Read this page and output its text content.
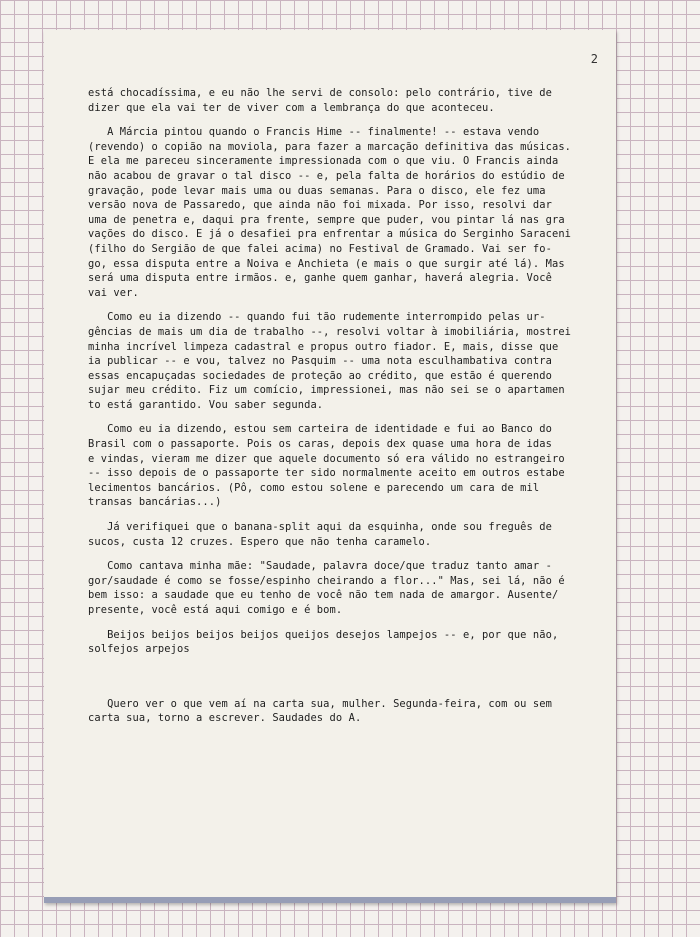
2
está chocadíssima, e eu não lhe servi de consolo: pelo contrário, tive de
dizer que ela vai ter de viver com a lembrança do que aconteceu.
A Márcia pintou quando o Francis Hime -- finalmente! -- estava vendo
(revendo) o copião na moviola, para fazer a marcação definitiva das músicas.
E ela me pareceu sinceramente impressionada com o que viu. O Francis ainda
não acabou de gravar o tal disco -- e, pela falta de horários do estúdio de
gravação, pode levar mais uma ou duas semanas. Para o disco, ele fez uma
versão nova de Passaredo, que ainda não foi mixada. Por isso, resolvi dar
uma de penetra e, daqui pra frente, sempre que puder, vou pintar lá nas gra
vações do disco. E já o desafiei pra enfrentar a música do Serginho Saraceni
(filho do Sergião de que falei acima) no Festival de Gramado. Vai ser fo-
go, essa disputa entre a Noiva e Anchieta (e mais o que surgir até lá). Mas
será uma disputa entre irmãos. e, ganhe quem ganhar, haverá alegria. Você
vai ver.
Como eu ia dizendo -- quando fui tão rudemente interrompido pelas ur-
gências de mais um dia de trabalho --, resolvi voltar à imobiliária, mostrei
minha incrível limpeza cadastral e propus outro fiador. E, mais, disse que
ia publicar -- e vou, talvez no Pasquim -- uma nota esculhambativa contra
essas encapuçadas sociedades de proteção ao crédito, que estão é querendo
sujar meu crédito. Fiz um comício, impressionei, mas não sei se o apartamen
to está garantido. Vou saber segunda.
Como eu ia dizendo, estou sem carteira de identidade e fui ao Banco do
Brasil com o passaporte. Pois os caras, depois dex quase uma hora de idas
e vindas, vieram me dizer que aquele documento só era válido no estrangeiro
-- isso depois de o passaporte ter sido normalmente aceito em outros estabe
lecimentos bancários. (Pô, como estou solene e parecendo um cara de mil
transas bancárias...)
Já verifiquei que o banana-split aqui da esquinha, onde sou freguês de
sucos, custa 12 cruzes. Espero que não tenha caramelo.
Como cantava minha mãe: "Saudade, palavra doce/que traduz tanto amar -
gor/saudade é como se fosse/espinho cheirando a flor..." Mas, sei lá, não é
bem isso: a saudade que eu tenho de você não tem nada de amargor. Ausente/
presente, você está aqui comigo e é bom.
Beijos beijos beijos beijos queijos desejos lampejos -- e, por que não,
solfejos arpejos
Quero ver o que vem aí na carta sua, mulher. Segunda-feira, com ou sem
carta sua, torno a escrever. Saudades do A.
